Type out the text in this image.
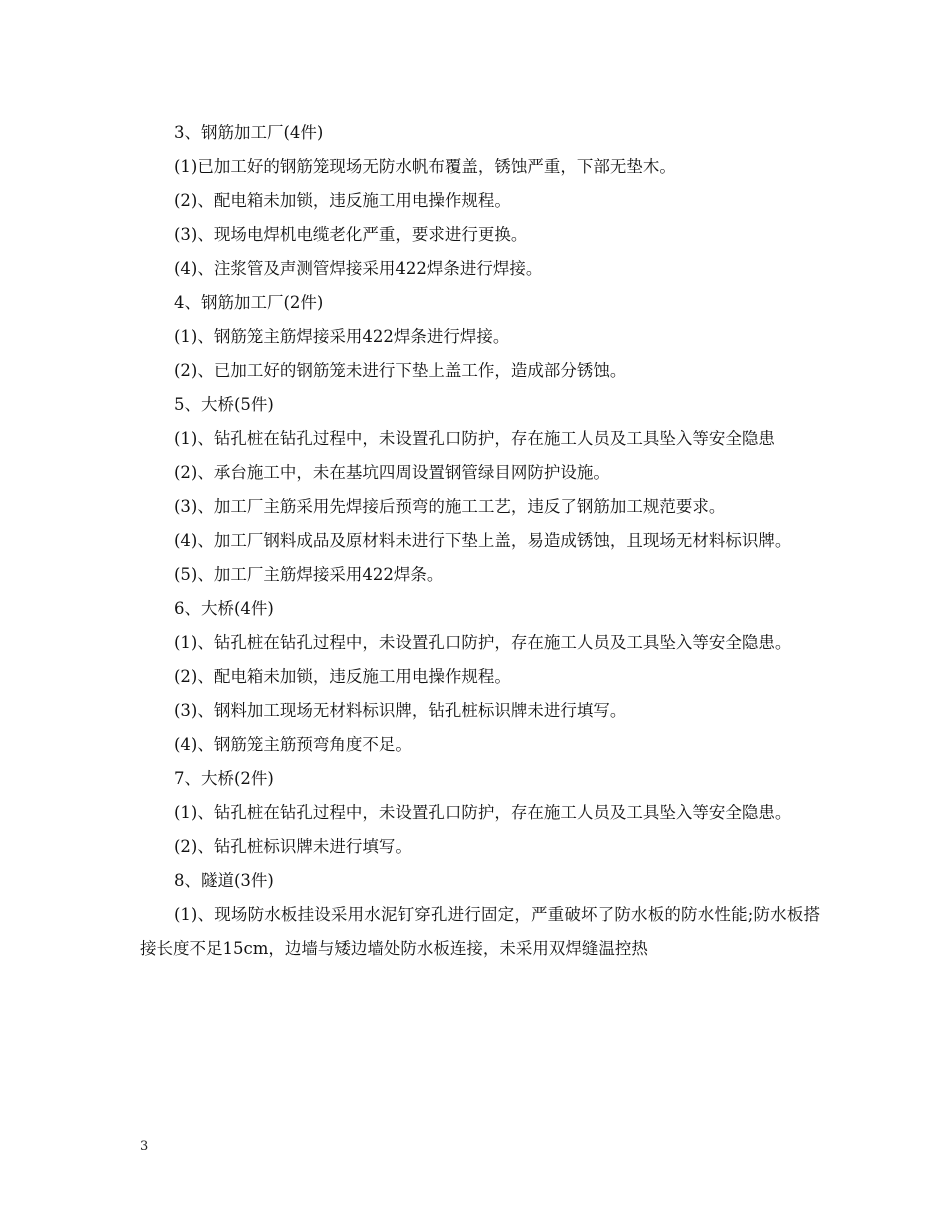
3、钢筋加工厂(4件)

(1)已加工好的钢筋笼现场无防水帆布覆盖，锈蚀严重，下部无垫木。

(2)、配电箱未加锁，违反施工用电操作规程。

(3)、现场电焊机电缆老化严重，要求进行更换。

(4)、注浆管及声测管焊接采用422焊条进行焊接。

4、钢筋加工厂(2件)

(1)、钢筋笼主筋焊接采用422焊条进行焊接。

(2)、已加工好的钢筋笼未进行下垫上盖工作，造成部分锈蚀。

5、大桥(5件)

(1)、钻孔桩在钻孔过程中，未设置孔口防护，存在施工人员及工具坠入等安全隐患

(2)、承台施工中，未在基坑四周设置钢管绿目网防护设施。

(3)、加工厂主筋采用先焊接后预弯的施工工艺，违反了钢筋加工规范要求。

(4)、加工厂钢料成品及原材料未进行下垫上盖，易造成锈蚀，且现场无材料标识牌。

(5)、加工厂主筋焊接采用422焊条。

6、大桥(4件)

(1)、钻孔桩在钻孔过程中，未设置孔口防护，存在施工人员及工具坠入等安全隐患。

(2)、配电箱未加锁，违反施工用电操作规程。

(3)、钢料加工现场无材料标识牌，钻孔桩标识牌未进行填写。

(4)、钢筋笼主筋预弯角度不足。

7、大桥(2件)

(1)、钻孔桩在钻孔过程中，未设置孔口防护，存在施工人员及工具坠入等安全隐患。

(2)、钻孔桩标识牌未进行填写。

8、隧道(3件)

(1)、现场防水板挂设采用水泥钉穿孔进行固定，严重破坏了防水板的防水性能;防水板搭接长度不足15cm，边墙与矮边墙处防水板连接，未采用双焊缝温控热

3
